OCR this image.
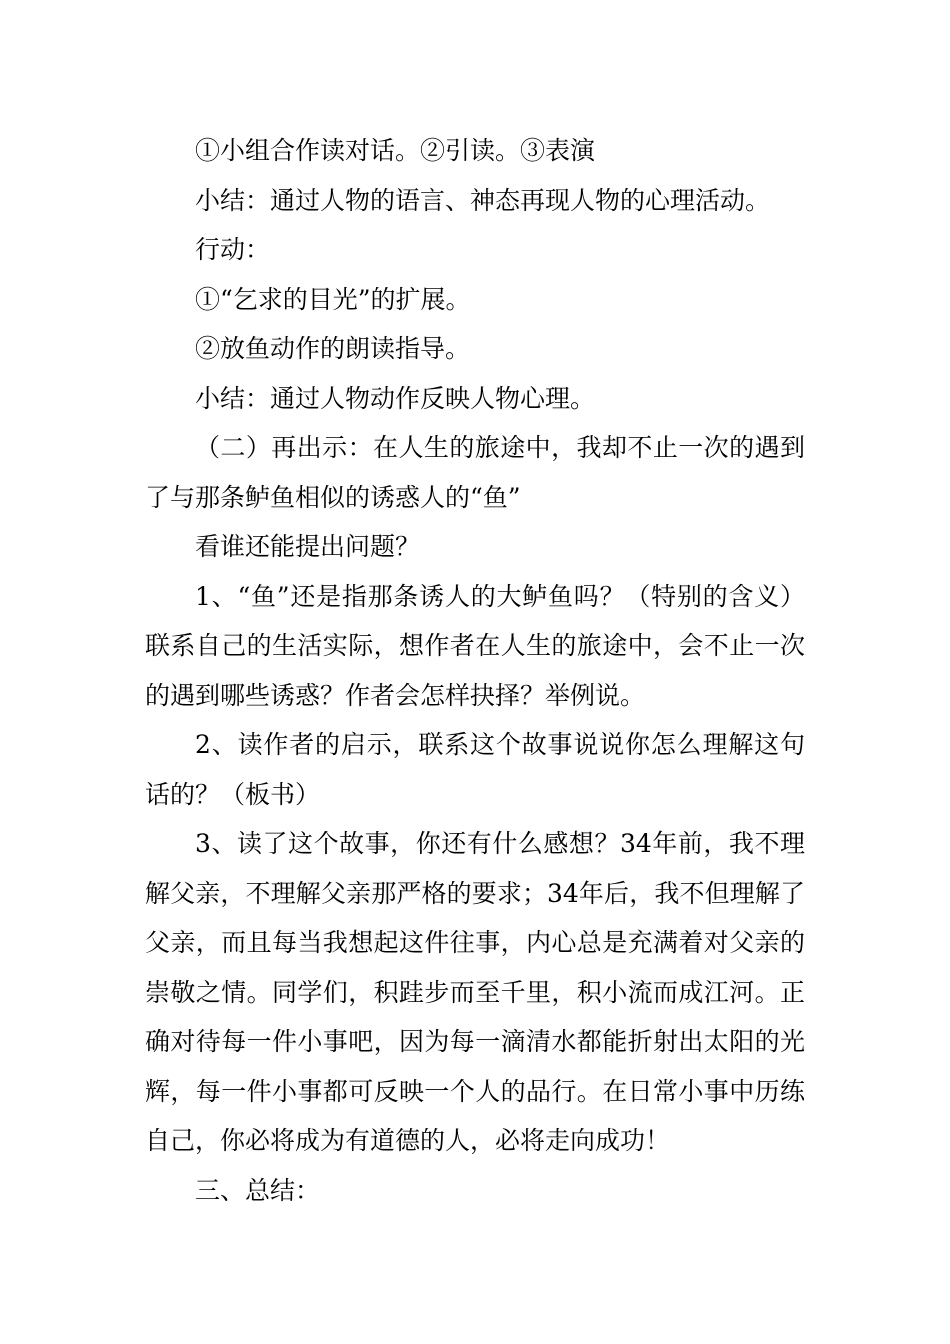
①小组合作读对话。②引读。③表演

小结：通过人物的语言、神态再现人物的心理活动。

行动：

①“乞求的目光”的扩展。

②放鱼动作的朗读指导。

小结：通过人物动作反映人物心理。

（二）再出示：在人生的旅途中，我却不止一次的遇到了与那条鲈鱼相似的诱惑人的“鱼”

看谁还能提出问题？

1、“鱼”还是指那条诱人的大鲈鱼吗？（特别的含义）联系自己的生活实际，想作者在人生的旅途中，会不止一次的遇到哪些诱惑？作者会怎样抉择？举例说。

2、读作者的启示，联系这个故事说说你怎么理解这句话的？（板书）

3、读了这个故事，你还有什么感想？34年前，我不理解父亲，不理解父亲那严格的要求；34年后，我不但理解了父亲，而且每当我想起这件往事，内心总是充满着对父亲的崇敬之情。同学们，积跬步而至千里，积小流而成江河。正确对待每一件小事吧，因为每一滴清水都能折射出太阳的光辉，每一件小事都可反映一个人的品行。在日常小事中历练自己，你必将成为有道德的人，必将走向成功！

三、总结：
